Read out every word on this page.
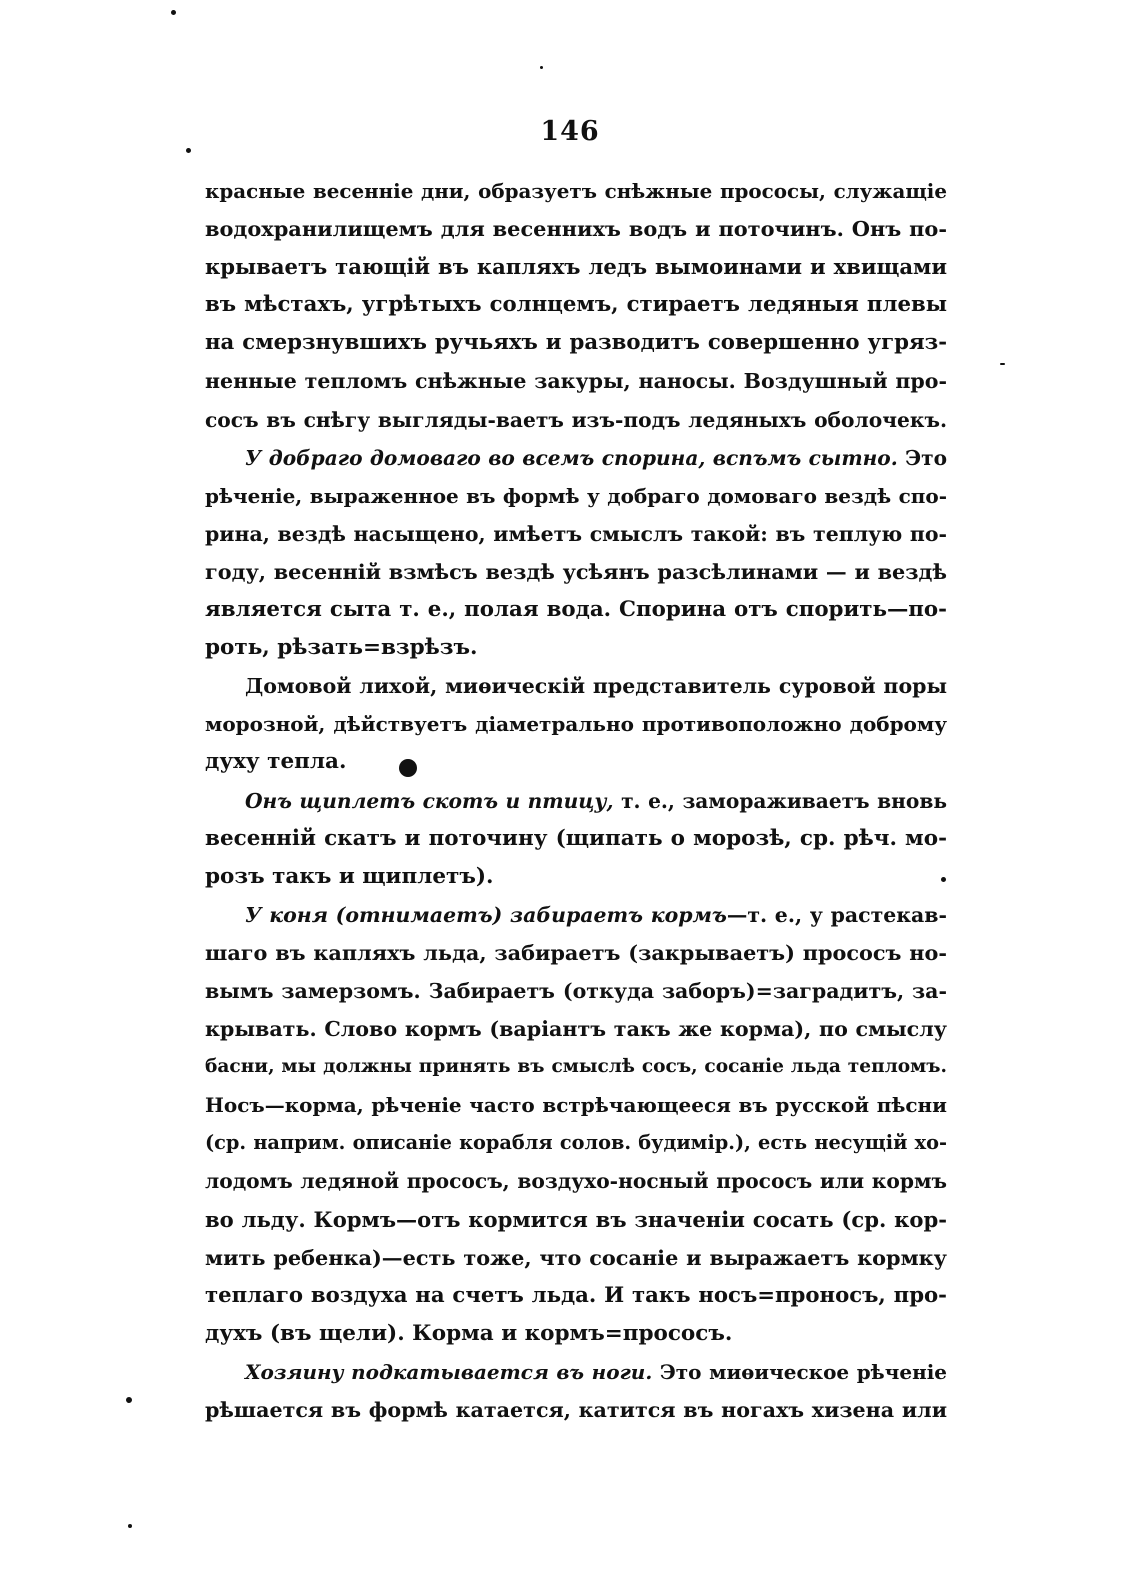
146
красные весенніе дни, образуетъ снѣжные прососы, служащіе
водохранилищемъ для весеннихъ водъ и поточинъ. Онъ по-
крываетъ тающій въ капляхъ ледъ вымоинами и хвищами
въ мѣстахъ, угрѣтыхъ солнцемъ, стираетъ ледяныя плевы
на смерзнувшихъ ручьяхъ и разводитъ совершенно угряз-
ненные тепломъ снѣжные закуры, наносы. Воздушный про-
сосъ въ снѣгу выгляды-ваетъ изъ-подъ ледяныхъ оболочекъ.
У добраго домоваго во всемъ спорина, вспъмъ сытно. Это
рѣченіе, выраженное въ формѣ у добраго домоваго вездѣ спо-
рина, вездѣ насыщено, имѣетъ смыслъ такой: въ теплую по-
году, весенній взмѣсъ вездѣ усѣянъ разсѣлинами — и вездѣ
является сыта т. е., полая вода. Спорина отъ спорить—по-
роть, рѣзать=взрѣзъ.
Домовой лихой, миѳическій представитель суровой поры
морозной, дѣйствуетъ діаметрально противоположно доброму
духу тепла.
Онъ щиплетъ скотъ и птицу, т. е., замораживаетъ вновь
весенній скатъ и поточину (щипать о морозѣ, ср. рѣч. мо-
розъ такъ и щиплетъ).
У коня (отнимаетъ) забираетъ кормъ—т. е., у растекав-
шаго въ капляхъ льда, забираетъ (закрываетъ) прососъ но-
вымъ замерзомъ. Забираетъ (откуда заборъ)=заградитъ, за-
крывать. Слово кормъ (варіантъ такъ же корма), по смыслу
басни, мы должны принять въ смыслѣ сосъ, сосаніе льда тепломъ.
Носъ—корма, рѣченіе часто встрѣчающееся въ русской пѣсни
(ср. наприм. описаніе корабля солов. будимір.), есть несущій хо-
лодомъ ледяной прососъ, воздухо-носный прососъ или кормъ
во льду. Кормъ—отъ кормится въ значеніи сосать (ср. кор-
мить ребенка)—есть тоже, что сосаніе и выражаетъ кормку
теплаго воздуха на счетъ льда. И такъ носъ=проносъ, про-
духъ (въ щели). Корма и кормъ=прососъ.
Хозяину подкатывается въ ноги. Это миѳическое рѣченіе
рѣшается въ формѣ катается, катится въ ногахъ хизена или
